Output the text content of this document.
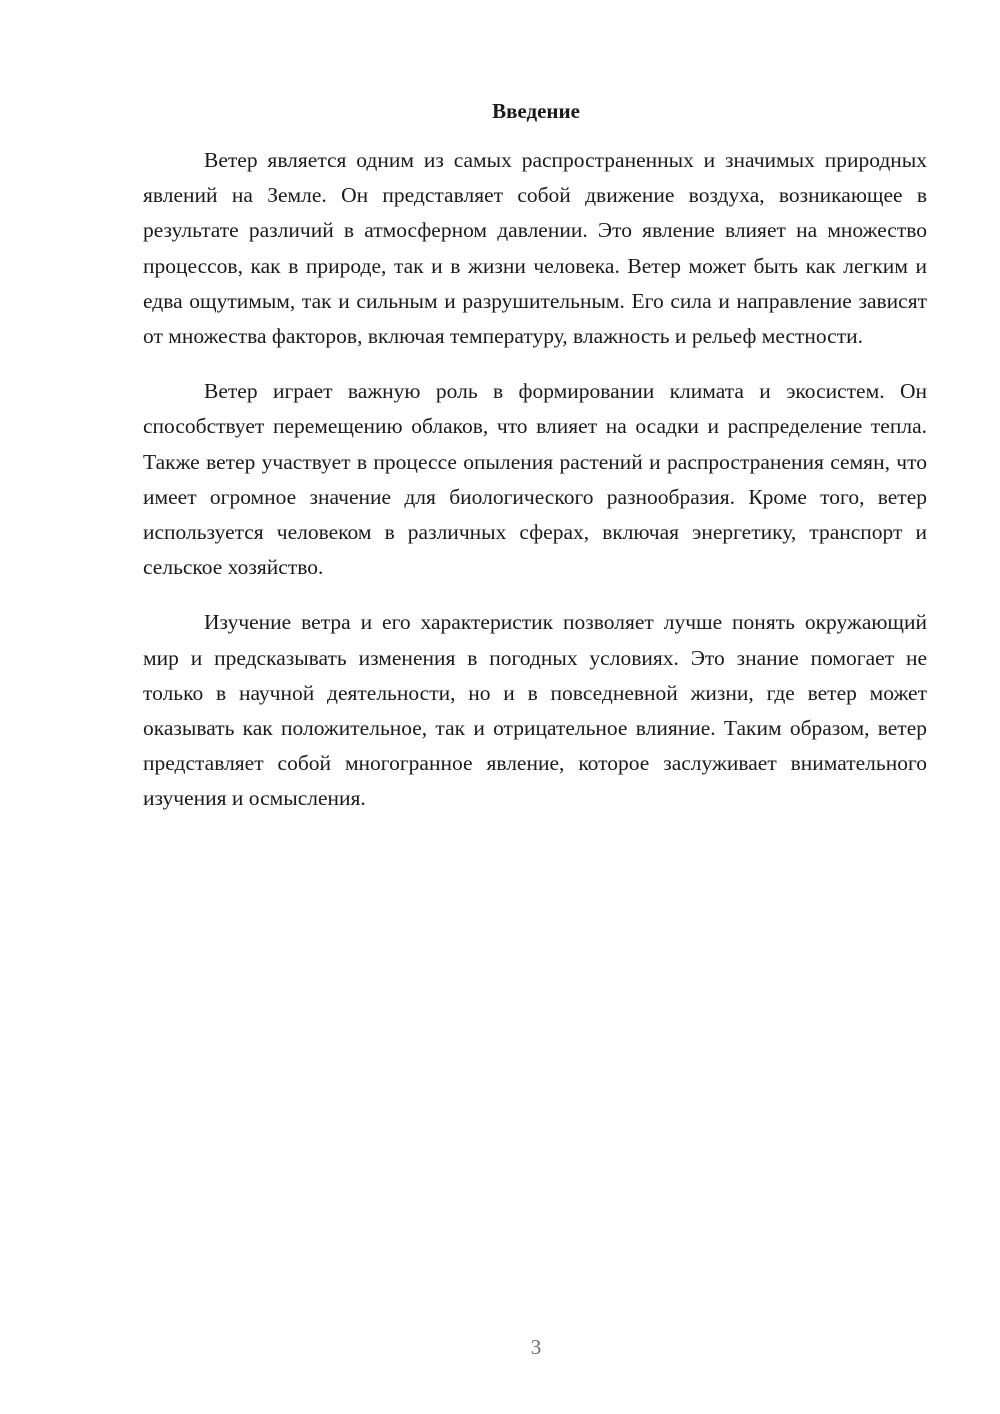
Введение

Ветер является одним из самых распространенных и значимых природных явлений на Земле. Он представляет собой движение воздуха, возникающее в результате различий в атмосферном давлении. Это явление влияет на множество процессов, как в природе, так и в жизни человека. Ветер может быть как легким и едва ощутимым, так и сильным и разрушительным. Его сила и направление зависят от множества факторов, включая температуру, влажность и рельеф местности.

Ветер играет важную роль в формировании климата и экосистем. Он способствует перемещению облаков, что влияет на осадки и распределение тепла. Также ветер участвует в процессе опыления растений и распространения семян, что имеет огромное значение для биологического разнообразия. Кроме того, ветер используется человеком в различных сферах, включая энергетику, транспорт и сельское хозяйство.

Изучение ветра и его характеристик позволяет лучше понять окружающий мир и предсказывать изменения в погодных условиях. Это знание помогает не только в научной деятельности, но и в повседневной жизни, где ветер может оказывать как положительное, так и отрицательное влияние. Таким образом, ветер представляет собой многогранное явление, которое заслуживает внимательного изучения и осмысления.

3
